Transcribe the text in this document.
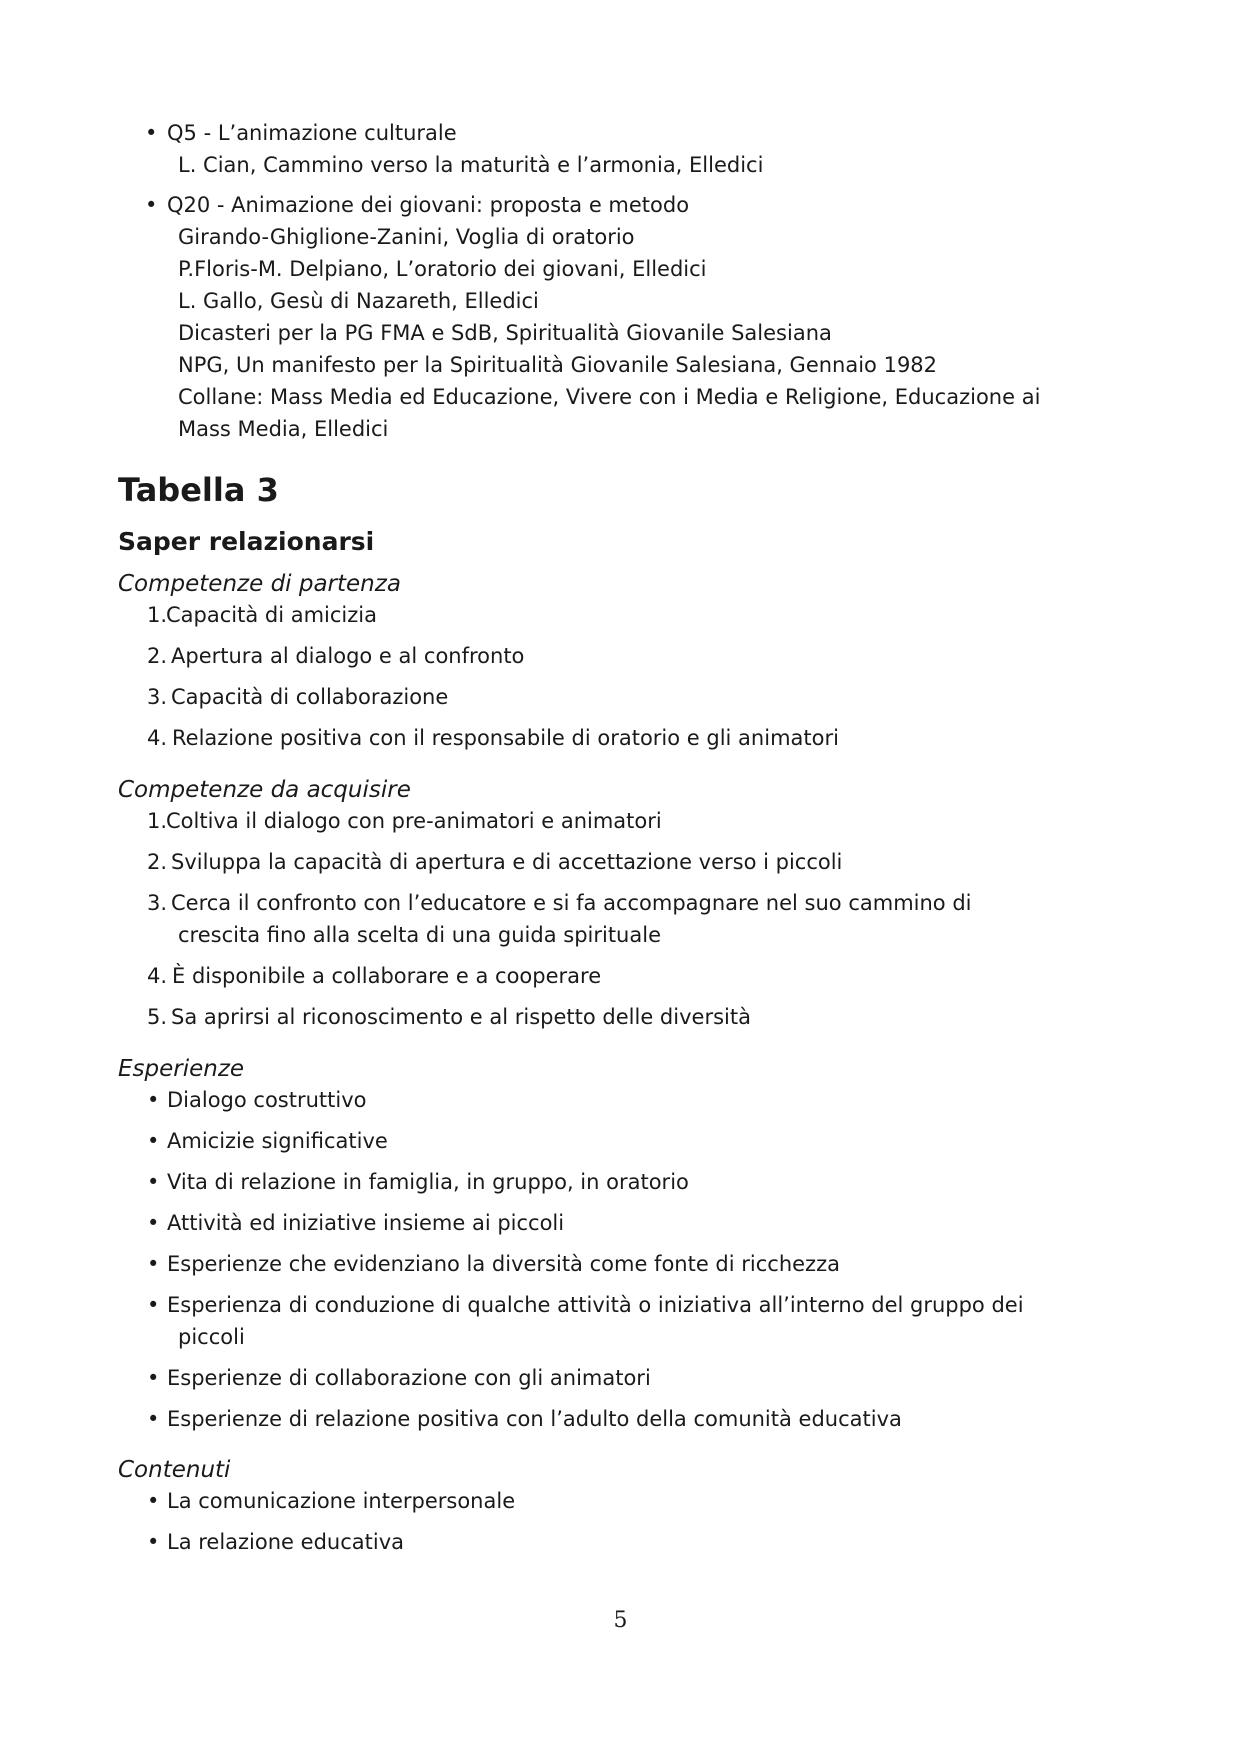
• Q5 - L’animazione culturale
L. Cian, Cammino verso la maturità e l’armonia, Elledici
• Q20 - Animazione dei giovani: proposta e metodo
Girando-Ghiglione-Zanini, Voglia di oratorio
P.Floris-M. Delpiano, L’oratorio dei giovani, Elledici
L. Gallo, Gesù di Nazareth, Elledici
Dicasteri per la PG FMA e SdB, Spiritualità Giovanile Salesiana
NPG, Un manifesto per la Spiritualità Giovanile Salesiana, Gennaio 1982
Collane: Mass Media ed Educazione, Vivere con i Media e Religione, Educazione ai
Mass Media, Elledici
Tabella 3
Saper relazionarsi

Competenze di partenza

1.
Capacità di amicizia
2. Apertura al dialogo e al confronto
3. Capacità di collaborazione
4. Relazione positiva con il responsabile di oratorio e gli animatori

Competenze da acquisire

1.
Coltiva il dialogo con pre-animatori e animatori
2. Sviluppa la capacità di apertura e di accettazione verso i piccoli
3. Cerca il confronto con l’educatore e si fa accompagnare nel suo cammino di
crescita fino alla scelta di una guida spirituale
4. È disponibile a collaborare e a cooperare
5. Sa aprirsi al riconoscimento e al rispetto delle diversità

Esperienze

• Dialogo costruttivo
• Amicizie significative
• Vita di relazione in famiglia, in gruppo, in oratorio
• Attività ed iniziative insieme ai piccoli
• Esperienze che evidenziano la diversità come fonte di ricchezza
• Esperienza di conduzione di qualche attività o iniziativa all’interno del gruppo dei
piccoli
• Esperienze di collaborazione con gli animatori
• Esperienze di relazione positiva con l’adulto della comunità educativa

Contenuti

• La comunicazione interpersonale
• La relazione educativa
5
